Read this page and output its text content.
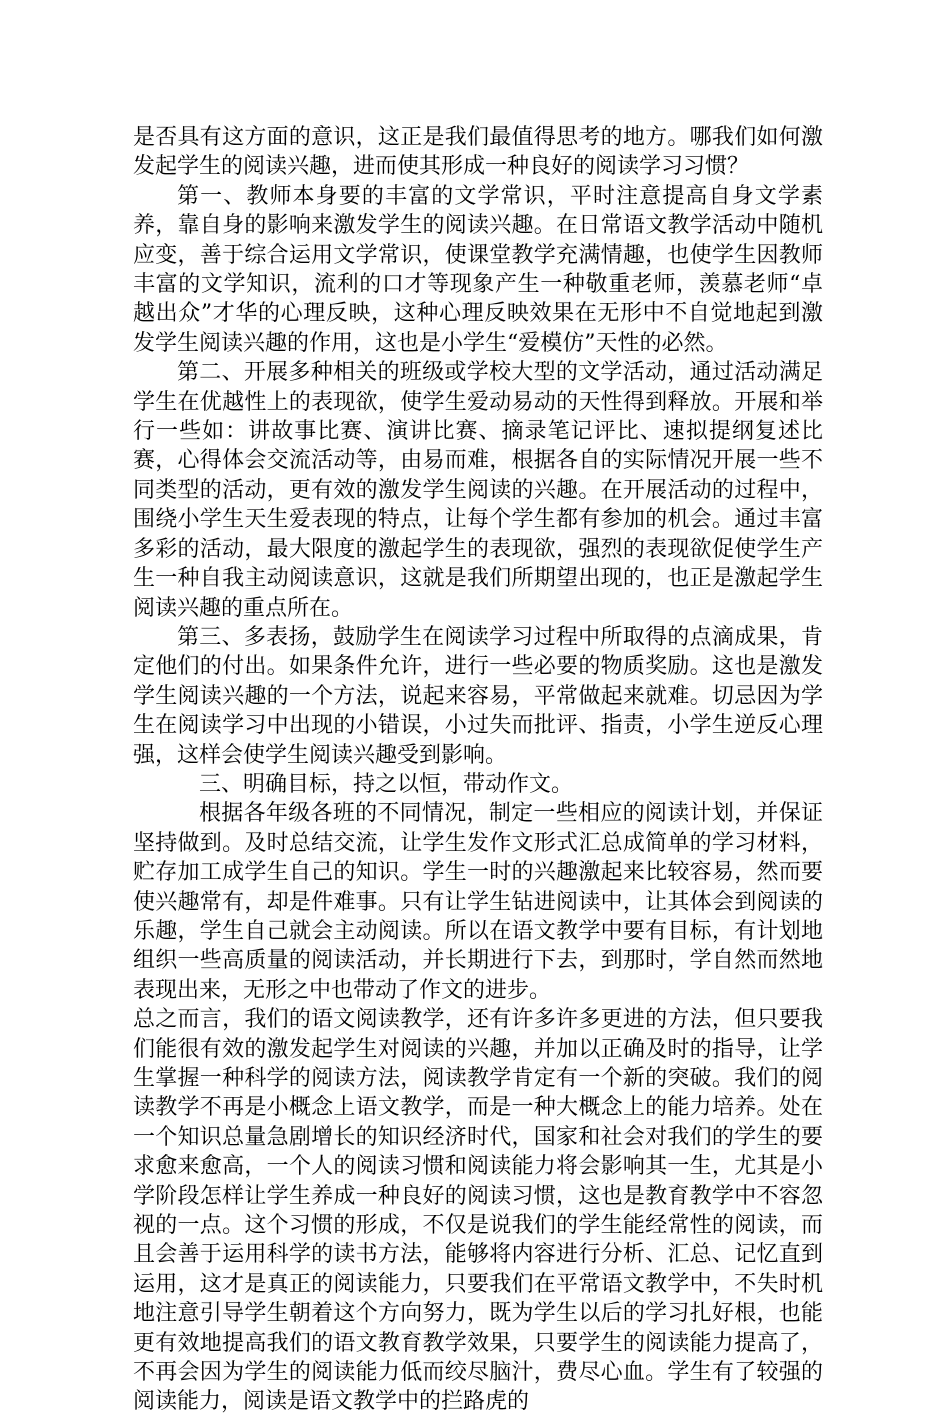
是否具有这方面的意识，这正是我们最值得思考的地方。哪我们如何激发起学生的阅读兴趣，进而使其形成一种良好的阅读学习习惯？

第一、教师本身要的丰富的文学常识，平时注意提高自身文学素养，靠自身的影响来激发学生的阅读兴趣。在日常语文教学活动中随机应变，善于综合运用文学常识，使课堂教学充满情趣，也使学生因教师丰富的文学知识，流利的口才等现象产生一种敬重老师，羡慕老师“卓越出众”才华的心理反映，这种心理反映效果在无形中不自觉地起到激发学生阅读兴趣的作用，这也是小学生“爱模仿”天性的必然。

第二、开展多种相关的班级或学校大型的文学活动，通过活动满足学生在优越性上的表现欲，使学生爱动易动的天性得到释放。开展和举行一些如：讲故事比赛、演讲比赛、摘录笔记评比、速拟提纲复述比赛，心得体会交流活动等，由易而难，根据各自的实际情况开展一些不同类型的活动，更有效的激发学生阅读的兴趣。在开展活动的过程中，围绕小学生天生爱表现的特点，让每个学生都有参加的机会。通过丰富多彩的活动，最大限度的激起学生的表现欲，强烈的表现欲促使学生产生一种自我主动阅读意识，这就是我们所期望出现的，也正是激起学生阅读兴趣的重点所在。

第三、多表扬，鼓励学生在阅读学习过程中所取得的点滴成果，肯定他们的付出。如果条件允许，进行一些必要的物质奖励。这也是激发学生阅读兴趣的一个方法，说起来容易，平常做起来就难。切忌因为学生在阅读学习中出现的小错误，小过失而批评、指责，小学生逆反心理强，这样会使学生阅读兴趣受到影响。

三、明确目标，持之以恒，带动作文。

根据各年级各班的不同情况，制定一些相应的阅读计划，并保证坚持做到。及时总结交流，让学生发作文形式汇总成简单的学习材料，贮存加工成学生自己的知识。学生一时的兴趣激起来比较容易，然而要使兴趣常有，却是件难事。只有让学生钻进阅读中，让其体会到阅读的乐趣，学生自己就会主动阅读。所以在语文教学中要有目标，有计划地组织一些高质量的阅读活动，并长期进行下去，到那时，学自然而然地表现出来，无形之中也带动了作文的进步。

总之而言，我们的语文阅读教学，还有许多许多更进的方法，但只要我们能很有效的激发起学生对阅读的兴趣，并加以正确及时的指导，让学生掌握一种科学的阅读方法，阅读教学肯定有一个新的突破。我们的阅读教学不再是小概念上语文教学，而是一种大概念上的能力培养。处在一个知识总量急剧增长的知识经济时代，国家和社会对我们的学生的要求愈来愈高，一个人的阅读习惯和阅读能力将会影响其一生，尤其是小学阶段怎样让学生养成一种良好的阅读习惯，这也是教育教学中不容忽视的一点。这个习惯的形成，不仅是说我们的学生能经常性的阅读，而且会善于运用科学的读书方法，能够将内容进行分析、汇总、记忆直到运用，这才是真正的阅读能力，只要我们在平常语文教学中，不失时机地注意引导学生朝着这个方向努力，既为学生以后的学习扎好根，也能更有效地提高我们的语文教育教学效果，只要学生的阅读能力提高了，不再会因为学生的阅读能力低而绞尽脑汁，费尽心血。学生有了较强的阅读能力，阅读是语文教学中的拦路虎的
